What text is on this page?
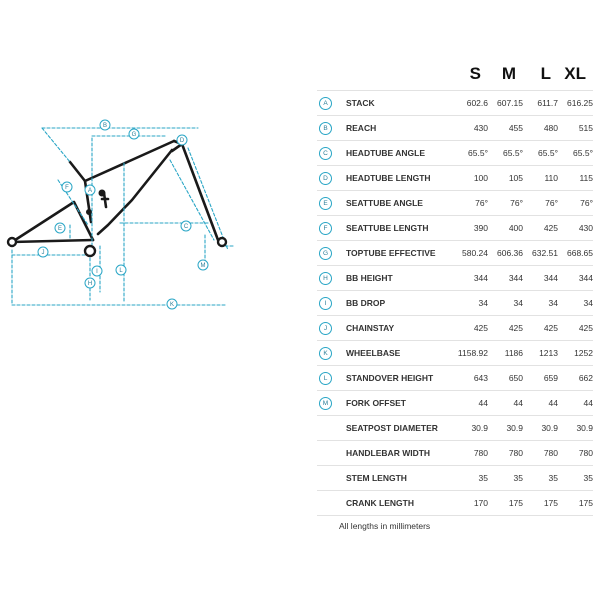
A
B
C
D
E
F
G
H
I
J
K
L
M
		S	M	L	XL
A	STACK	602.6	607.15	611.7	616.25
B	REACH	430	455	480	515
C	HEADTUBE ANGLE	65.5°	65.5°	65.5°	65.5°
D	HEADTUBE LENGTH	100	105	110	115
E	SEATTUBE ANGLE	76°	76°	76°	76°
F	SEATTUBE LENGTH	390	400	425	430
G	TOPTUBE EFFECTIVE	580.24	606.36	632.51	668.65
H	BB HEIGHT	344	344	344	344
I	BB DROP	34	34	34	34
J	CHAINSTAY	425	425	425	425
K	WHEELBASE	1158.92	1186	1213	1252
L	STANDOVER HEIGHT	643	650	659	662
M	FORK OFFSET	44	44	44	44
	SEATPOST DIAMETER	30.9	30.9	30.9	30.9
	HANDLEBAR WIDTH	780	780	780	780
	STEM LENGTH	35	35	35	35
	CRANK LENGTH	170	175	175	175
All lengths in millimeters
